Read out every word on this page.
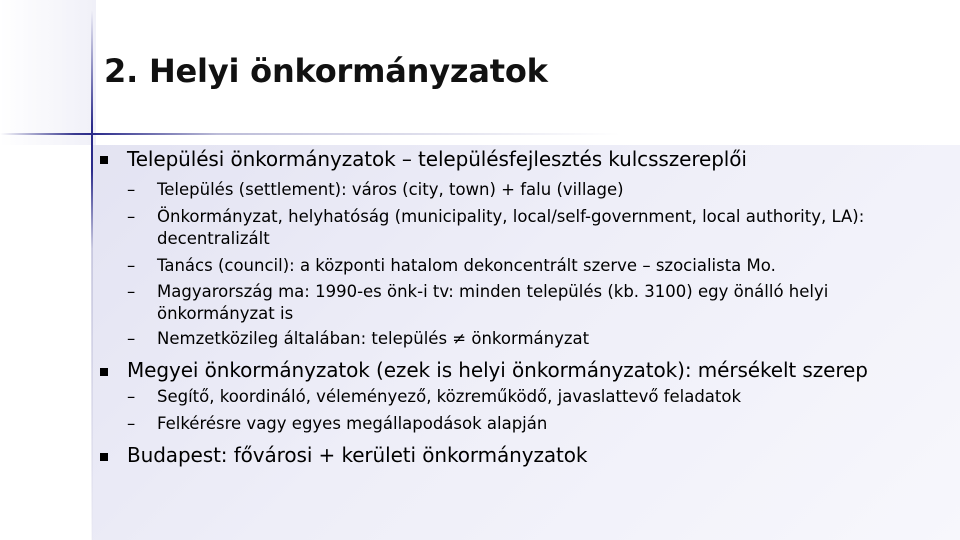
2. Helyi önkormányzatok
Települési önkormányzatok – településfejlesztés kulcsszereplői
– Település (settlement): város (city, town) + falu (village)
– Önkormányzat, helyhatóság (municipality, local/self-government, local authority, LA):
decentralizált
– Tanács (council): a központi hatalom dekoncentrált szerve – szocialista Mo.
– Magyarország ma: 1990-es önk-i tv: minden település (kb. 3100) egy önálló helyi
önkormányzat is
– Nemzetközileg általában: település ≠ önkormányzat
Megyei önkormányzatok (ezek is helyi önkormányzatok): mérsékelt szerep
– Segítő, koordináló, véleményező, közreműködő, javaslattevő feladatok
– Felkérésre vagy egyes megállapodások alapján
Budapest: fővárosi + kerületi önkormányzatok
